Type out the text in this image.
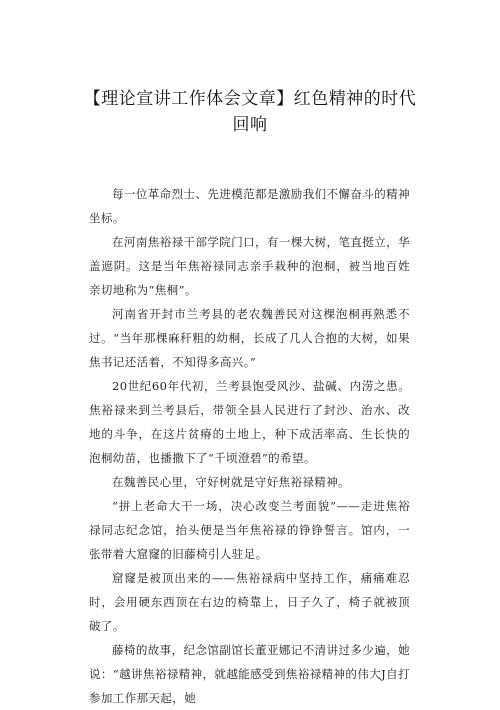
【理论宣讲工作体会文章】红色精神的时代回响

每一位革命烈士、先进模范都是激励我们不懈奋斗的精神坐标。

在河南焦裕禄干部学院门口，有一棵大树，笔直挺立，华盖遮阴。这是当年焦裕禄同志亲手栽种的泡桐，被当地百姓亲切地称为“焦桐”。

河南省开封市兰考县的老农魏善民对这棵泡桐再熟悉不过。“当年那棵麻秆粗的幼桐，长成了几人合抱的大树，如果焦书记还活着，不知得多高兴。”

20世纪60年代初，兰考县饱受风沙、盐碱、内涝之患。焦裕禄来到兰考县后，带领全县人民进行了封沙、治水、改地的斗争，在这片贫瘠的土地上，种下成活率高、生长快的泡桐幼苗，也播撒下了“千顷澄碧”的希望。

在魏善民心里，守好树就是守好焦裕禄精神。

“拼上老命大干一场，决心改变兰考面貌”——走进焦裕禄同志纪念馆，抬头便是当年焦裕禄的铮铮誓言。馆内，一张带着大窟窿的旧藤椅引人驻足。

窟窿是被顶出来的——焦裕禄病中坚持工作，痛痛难忍时，会用硬东西顶在右边的椅靠上，日子久了，椅子就被顶破了。

藤椅的故事，纪念馆副馆长董亚娜记不清讲过多少遍，她说：“越讲焦裕禄精神，就越能感受到焦裕禄精神的伟大J自打参加工作那天起，她
